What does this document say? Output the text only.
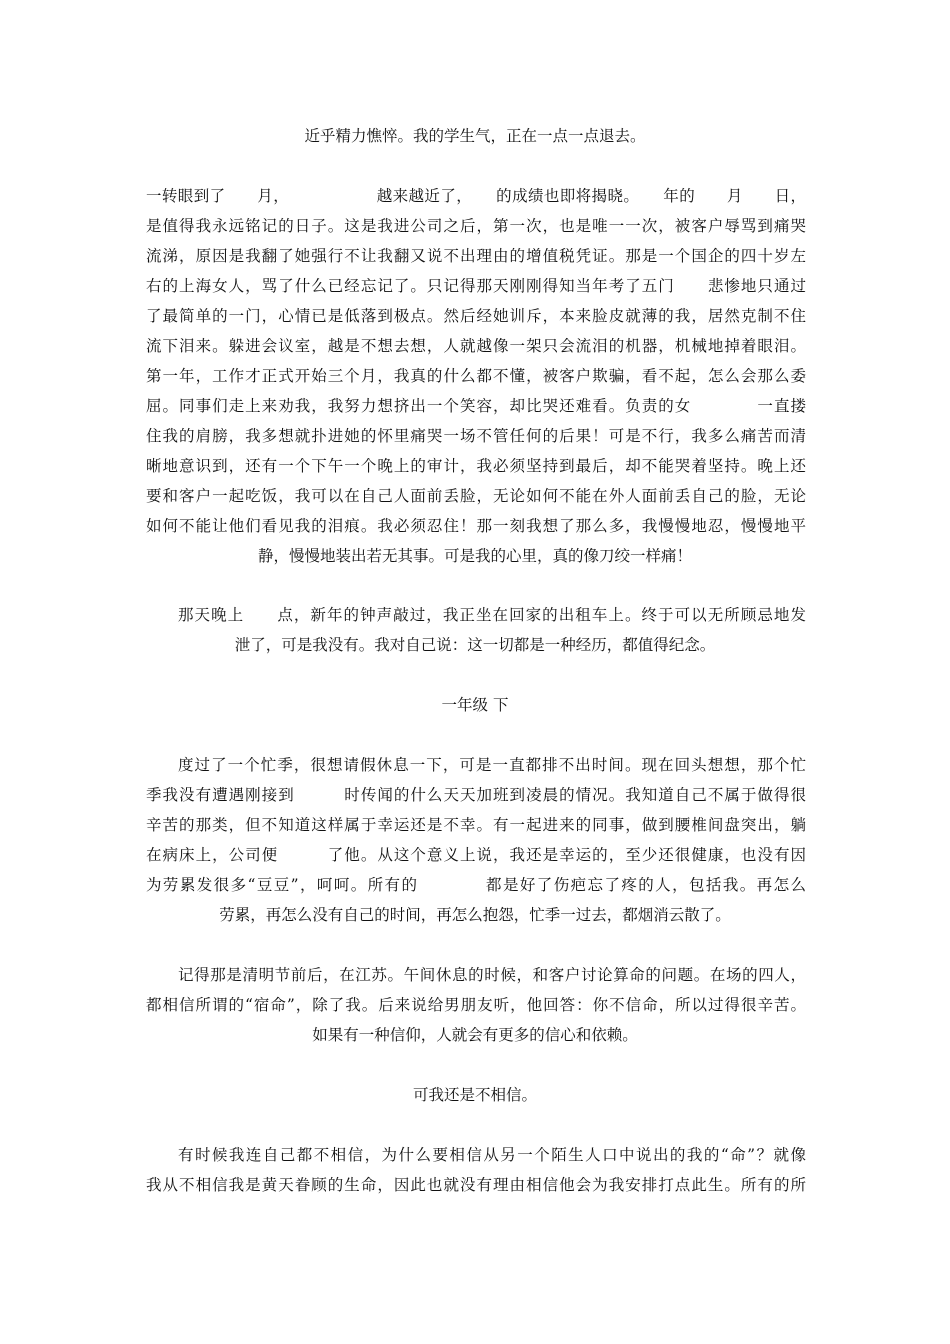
近乎精力憔悴。我的学生气，正在一点一点退去。
一转眼到了　　月，　　　　　　越来越近了，　　的成绩也即将揭晓。　　年的　　月　　日，
是值得我永远铭记的日子。这是我进公司之后，第一次，也是唯一一次，被客户辱骂到痛哭
流涕，原因是我翻了她强行不让我翻又说不出理由的增值税凭证。那是一个国企的四十岁左
右的上海女人，骂了什么已经忘记了。只记得那天刚刚得知当年考了五门　　悲惨地只通过
了最简单的一门，心情已是低落到极点。然后经她训斥，本来脸皮就薄的我，居然克制不住
流下泪来。躲进会议室，越是不想去想，人就越像一架只会流泪的机器，机械地掉着眼泪。
第一年，工作才正式开始三个月，我真的什么都不懂，被客户欺骗，看不起，怎么会那么委
屈。同事们走上来劝我，我努力想挤出一个笑容，却比哭还难看。负责的女　　　　一直搂
住我的肩膀，我多想就扑进她的怀里痛哭一场不管任何的后果！可是不行，我多么痛苦而清
晰地意识到，还有一个下午一个晚上的审计，我必须坚持到最后，却不能哭着坚持。晚上还
要和客户一起吃饭，我可以在自己人面前丢脸，无论如何不能在外人面前丢自己的脸，无论
如何不能让他们看见我的泪痕。我必须忍住！那一刻我想了那么多，我慢慢地忍，慢慢地平
静，慢慢地装出若无其事。可是我的心里，真的像刀绞一样痛！
那天晚上　　点，新年的钟声敲过，我正坐在回家的出租车上。终于可以无所顾忌地发
泄了，可是我没有。我对自己说：这一切都是一种经历，都值得纪念。
一年级 下
度过了一个忙季，很想请假休息一下，可是一直都排不出时间。现在回头想想，那个忙
季我没有遭遇刚接到　　　时传闻的什么天天加班到凌晨的情况。我知道自己不属于做得很
辛苦的那类，但不知道这样属于幸运还是不幸。有一起进来的同事，做到腰椎间盘突出，躺
在病床上，公司便　　　了他。从这个意义上说，我还是幸运的，至少还很健康，也没有因
为劳累发很多“豆豆”，呵呵。所有的　　　　都是好了伤疤忘了疼的人，包括我。再怎么
劳累，再怎么没有自己的时间，再怎么抱怨，忙季一过去，都烟消云散了。
记得那是清明节前后，在江苏。午间休息的时候，和客户讨论算命的问题。在场的四人，
都相信所谓的“宿命”，除了我。后来说给男朋友听，他回答：你不信命，所以过得很辛苦。
如果有一种信仰，人就会有更多的信心和依赖。
可我还是不相信。
有时候我连自己都不相信，为什么要相信从另一个陌生人口中说出的我的“命”？就像
我从不相信我是黄天眷顾的生命，因此也就没有理由相信他会为我安排打点此生。所有的所
